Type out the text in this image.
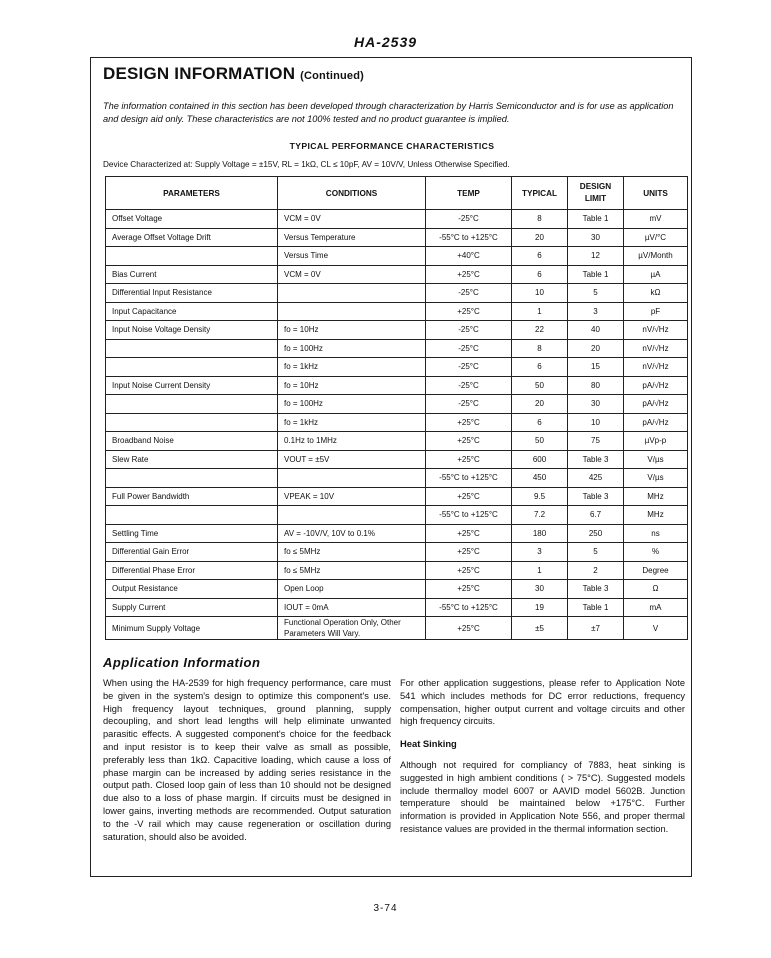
HA-2539
DESIGN INFORMATION (Continued)
The information contained in this section has been developed through characterization by Harris Semiconductor and is for use as application and design aid only. These characteristics are not 100% tested and no product guarantee is implied.
TYPICAL PERFORMANCE CHARACTERISTICS
Device Characterized at: Supply Voltage = ±15V, RL = 1kΩ, CL ≤ 10pF, AV = 10V/V, Unless Otherwise Specified.
PARAMETERS	CONDITIONS	TEMP	TYPICAL	DESIGN LIMIT	UNITS
Offset Voltage	VCM = 0V	-25°C	8	Table 1	mV
Average Offset Voltage Drift	Versus Temperature	-55°C to +125°C	20	30	µV/°C
	Versus Time	+40°C	6	12	µV/Month
Bias Current	VCM = 0V	+25°C	6	Table 1	µA
Differential Input Resistance		-25°C	10	5	kΩ
Input Capacitance		+25°C	1	3	pF
Input Noise Voltage Density	fo = 10Hz	-25°C	22	40	nV/√Hz
	fo = 100Hz	-25°C	8	20	nV/√Hz
	fo = 1kHz	-25°C	6	15	nV/√Hz
Input Noise Current Density	fo = 10Hz	-25°C	50	80	pA/√Hz
	fo = 100Hz	-25°C	20	30	pA/√Hz
	fo = 1kHz	+25°C	6	10	pA/√Hz
Broadband Noise	0.1Hz to 1MHz	+25°C	50	75	µVp-p
Slew Rate	VOUT = ±5V	+25°C	600	Table 3	V/µs
		-55°C to +125°C	450	425	V/µs
Full Power Bandwidth	VPEAK = 10V	+25°C	9.5	Table 3	MHz
		-55°C to +125°C	7.2	6.7	MHz
Settling Time	AV = -10V/V, 10V to 0.1%	+25°C	180	250	ns
Differential Gain Error	fo ≤ 5MHz	+25°C	3	5	%
Differential Phase Error	fo ≤ 5MHz	+25°C	1	2	Degree
Output Resistance	Open Loop	+25°C	30	Table 3	Ω
Supply Current	IOUT = 0mA	-55°C to +125°C	19	Table 1	mA
Minimum Supply Voltage	Functional Operation Only, Other Parameters Will Vary.	+25°C	±5	±7	V
Application Information

When using the HA-2539 for high frequency performance, care must be given in the system's design to optimize this component's use. High frequency layout techniques, ground planning, supply decoupling, and short lead lengths will help eliminate unwanted parasitic effects. A suggested component's choice for the feedback and input resistor is to keep their valve as small as possible, preferably less than 1kΩ. Capacitive loading, which cause a loss of phase margin can be increased by adding series resistance in the output path. Closed loop gain of less than 10 should not be designed due also to a loss of phase margin. If circuits must be designed in lower gains, inverting methods are recommended. Output saturation to the -V rail which may cause regeneration or oscillation during saturation, should also be avoided.

For other application suggestions, please refer to Application Note 541 which includes methods for DC error reductions, frequency compensation, higher output current and voltage circuits and other high frequency circuits.

Heat Sinking

Although not required for compliancy of 7883, heat sinking is suggested in high ambient conditions ( > 75°C). Suggested models include thermalloy model 6007 or AAVID model 5602B. Junction temperature should be maintained below +175°C. Further information is provided in Application Note 556, and proper thermal resistance values are provided in the thermal information section.

3-74
